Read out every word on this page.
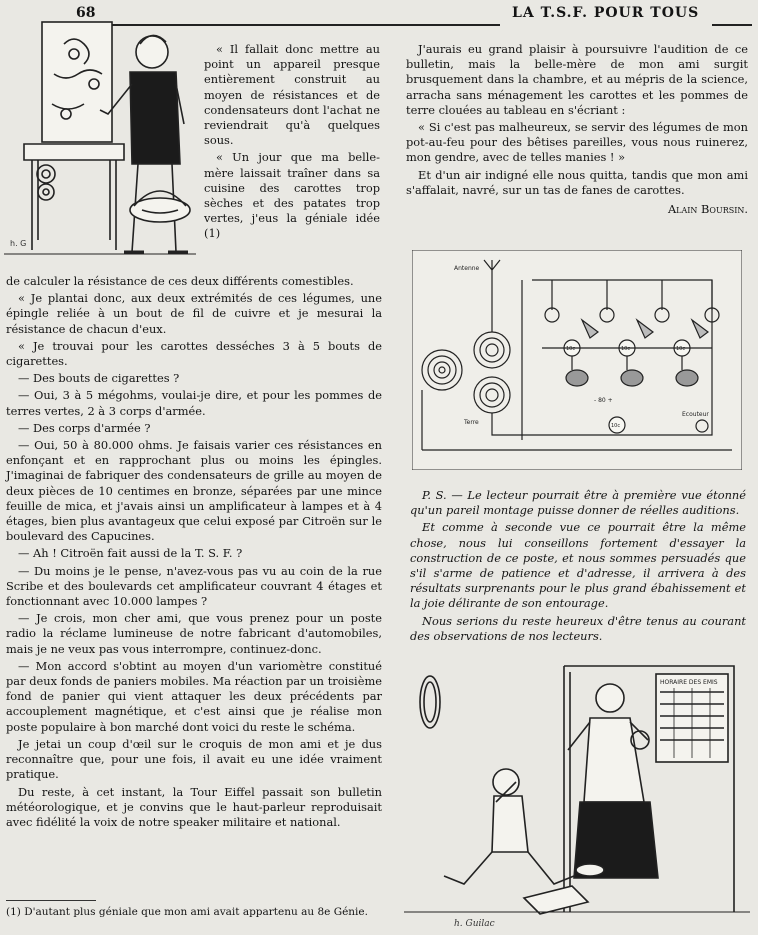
68	LA T.S.F. POUR TOUS
h. G

« Il fallait donc mettre au point un appareil presque entièrement construit au moyen de résistances et de condensateurs dont l'achat ne reviendrait qu'à quelques sous.

« Un jour que ma belle-mère laissait traîner dans sa cuisine des carottes trop sèches et des patates trop vertes, j'eus la géniale idée (1)

de calculer la résistance de ces deux différents comestibles.

« Je plantai donc, aux deux extrémités de ces légumes, une épingle reliée à un bout de fil de cuivre et je mesurai la résistance de chacun d'eux.

« Je trouvai pour les carottes desséches 3 à 5 bouts de cigarettes.

— Des bouts de cigarettes ?

— Oui, 3 à 5 mégohms, voulai-je dire, et pour les pommes de terres vertes, 2 à 3 corps d'armée.

— Des corps d'armée ?

— Oui, 50 à 80.000 ohms. Je faisais varier ces résistances en enfonçant et en rapprochant plus ou moins les épingles. J'imaginai de fabriquer des condensateurs de grille au moyen de deux pièces de 10 centimes en bronze, séparées par une mince feuille de mica, et j'avais ainsi un amplificateur à lampes et à 4 étages, bien plus avantageux que celui exposé par Citroën sur le boulevard des Capucines.

— Ah ! Citroën fait aussi de la T. S. F. ?

— Du moins je le pense, n'avez-vous pas vu au coin de la rue Scribe et des boulevards cet amplificateur couvrant 4 étages et fonctionnant avec 10.000 lampes ?

— Je crois, mon cher ami, que vous prenez pour un poste radio la réclame lumineuse de notre fabricant d'automobiles, mais je ne veux pas vous interrompre, continuez-donc.

— Mon accord s'obtint au moyen d'un variomètre constitué par deux fonds de paniers mobiles. Ma réaction par un troisième fond de panier qui vient attaquer les deux précédents par accouplement magnétique, et c'est ainsi que je réalise mon poste populaire à bon marché dont voici du reste le schéma.

Je jetai un coup d'œil sur le croquis de mon ami et je dus reconnaître que, pour une fois, il avait eu une idée vraiment pratique.

Du reste, à cet instant, la Tour Eiffel passait son bulletin météorologique, et je convins que le haut-parleur reproduisait avec fidélité la voix de notre speaker militaire et national.

(1) D'autant plus géniale que mon ami avait appartenu au 8e Génie.

J'aurais eu grand plaisir à poursuivre l'audition de ce bulletin, mais la belle-mère de mon ami surgit brusquement dans la chambre, et au mépris de la science, arracha sans ménagement les carottes et les pommes de terre clouées au tableau en s'écriant :

« Si c'est pas malheureux, se servir des légumes de mon pot-au-feu pour des bêtises pareilles, vous nous ruinerez, mon gendre, avec de telles manies ! »

Et d'un air indigné elle nous quitta, tandis que mon ami s'affalait, navré, sur un tas de fanes de carottes.

Alain Boursin.

Antenne
Terre
Ecouteur
- 80 +
10c	10c	10c
10c

P. S. — Le lecteur pourrait être à première vue étonné qu'un pareil montage puisse donner de réelles auditions.

Et comme à seconde vue ce pourrait être la même chose, nous lui conseillons fortement d'essayer la construction de ce poste, et nous sommes persuadés que s'il s'arme de patience et d'adresse, il arrivera à des résultats surprenants pour le plus grand ébahissement et la joie délirante de son entourage.

Nous serions du reste heureux d'être tenus au courant des observations de nos lecteurs.

HORAIRE DES EMIS
h. Guilac
